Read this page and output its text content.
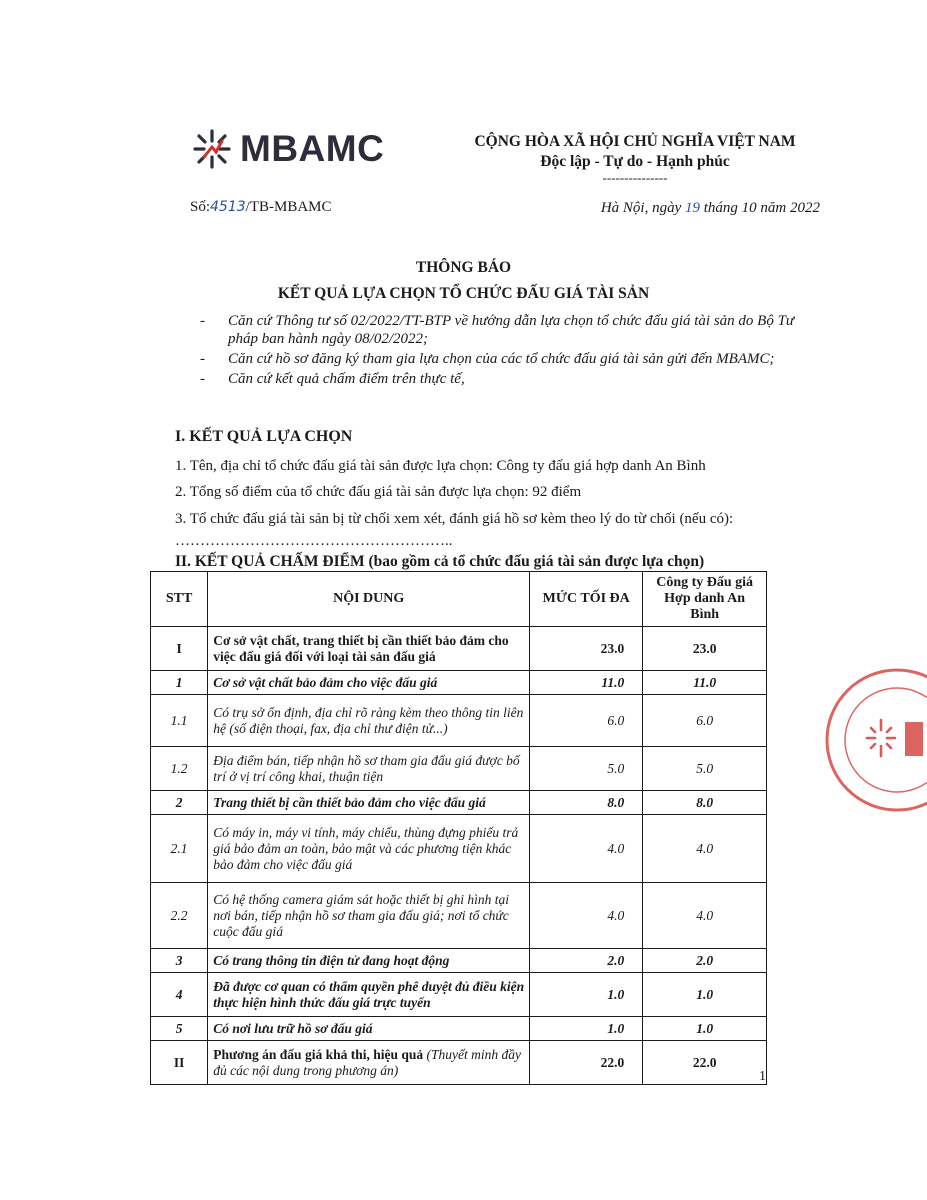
MBAMC	CỘNG HÒA XÃ HỘI CHỦ NGHĨA VIỆT NAM
Độc lập - Tự do - Hạnh phúc
---------------
Số:4513/TB-MBAMC	Hà Nội, ngày 19 tháng 10 năm 2022
THÔNG BÁO
KẾT QUẢ LỰA CHỌN TỔ CHỨC ĐẤU GIÁ TÀI SẢN
- Căn cứ Thông tư số 02/2022/TT-BTP về hướng dẫn lựa chọn tổ chức đấu giá tài sản do Bộ Tư pháp ban hành ngày 08/02/2022;
- Căn cứ hồ sơ đăng ký tham gia lựa chọn của các tổ chức đấu giá tài sản gửi đến MBAMC;
- Căn cứ kết quả chấm điểm trên thực tế,
I. KẾT QUẢ LỰA CHỌN
1. Tên, địa chỉ tổ chức đấu giá tài sản được lựa chọn: Công ty đấu giá hợp danh An Bình
2. Tổng số điểm của tổ chức đấu giá tài sản được lựa chọn: 92 điểm
3. Tổ chức đấu giá tài sản bị từ chối xem xét, đánh giá hồ sơ kèm theo lý do từ chối (nếu có): ………………………………………………..
II. KẾT QUẢ CHẤM ĐIỂM (bao gồm cả tổ chức đấu giá tài sản được lựa chọn)
STT	NỘI DUNG	MỨC TỐI ĐA	Công ty Đấu giá Hợp danh An Bình
I	Cơ sở vật chất, trang thiết bị cần thiết bảo đảm cho việc đấu giá đối với loại tài sản đấu giá	23.0	23.0
1	Cơ sở vật chất bảo đảm cho việc đấu giá	11.0	11.0
1.1	Có trụ sở ổn định, địa chỉ rõ ràng kèm theo thông tin liên hệ (số điện thoại, fax, địa chỉ thư điện tử...)	6.0	6.0
1.2	Địa điểm bán, tiếp nhận hồ sơ tham gia đấu giá được bố trí ở vị trí công khai, thuận tiện	5.0	5.0
2	Trang thiết bị cần thiết bảo đảm cho việc đấu giá	8.0	8.0
2.1	Có máy in, máy vi tính, máy chiếu, thùng đựng phiếu trả giá bảo đảm an toàn, bảo mật và các phương tiện khác bảo đảm cho việc đấu giá	4.0	4.0
2.2	Có hệ thống camera giám sát hoặc thiết bị ghi hình tại nơi bán, tiếp nhận hồ sơ tham gia đấu giá; nơi tổ chức cuộc đấu giá	4.0	4.0
3	Có trang thông tin điện tử đang hoạt động	2.0	2.0
4	Đã được cơ quan có thẩm quyền phê duyệt đủ điều kiện thực hiện hình thức đấu giá trực tuyến	1.0	1.0
5	Có nơi lưu trữ hồ sơ đấu giá	1.0	1.0
II	Phương án đấu giá khả thi, hiệu quả (Thuyết minh đầy đủ các nội dung trong phương án)	22.0	22.0
1
